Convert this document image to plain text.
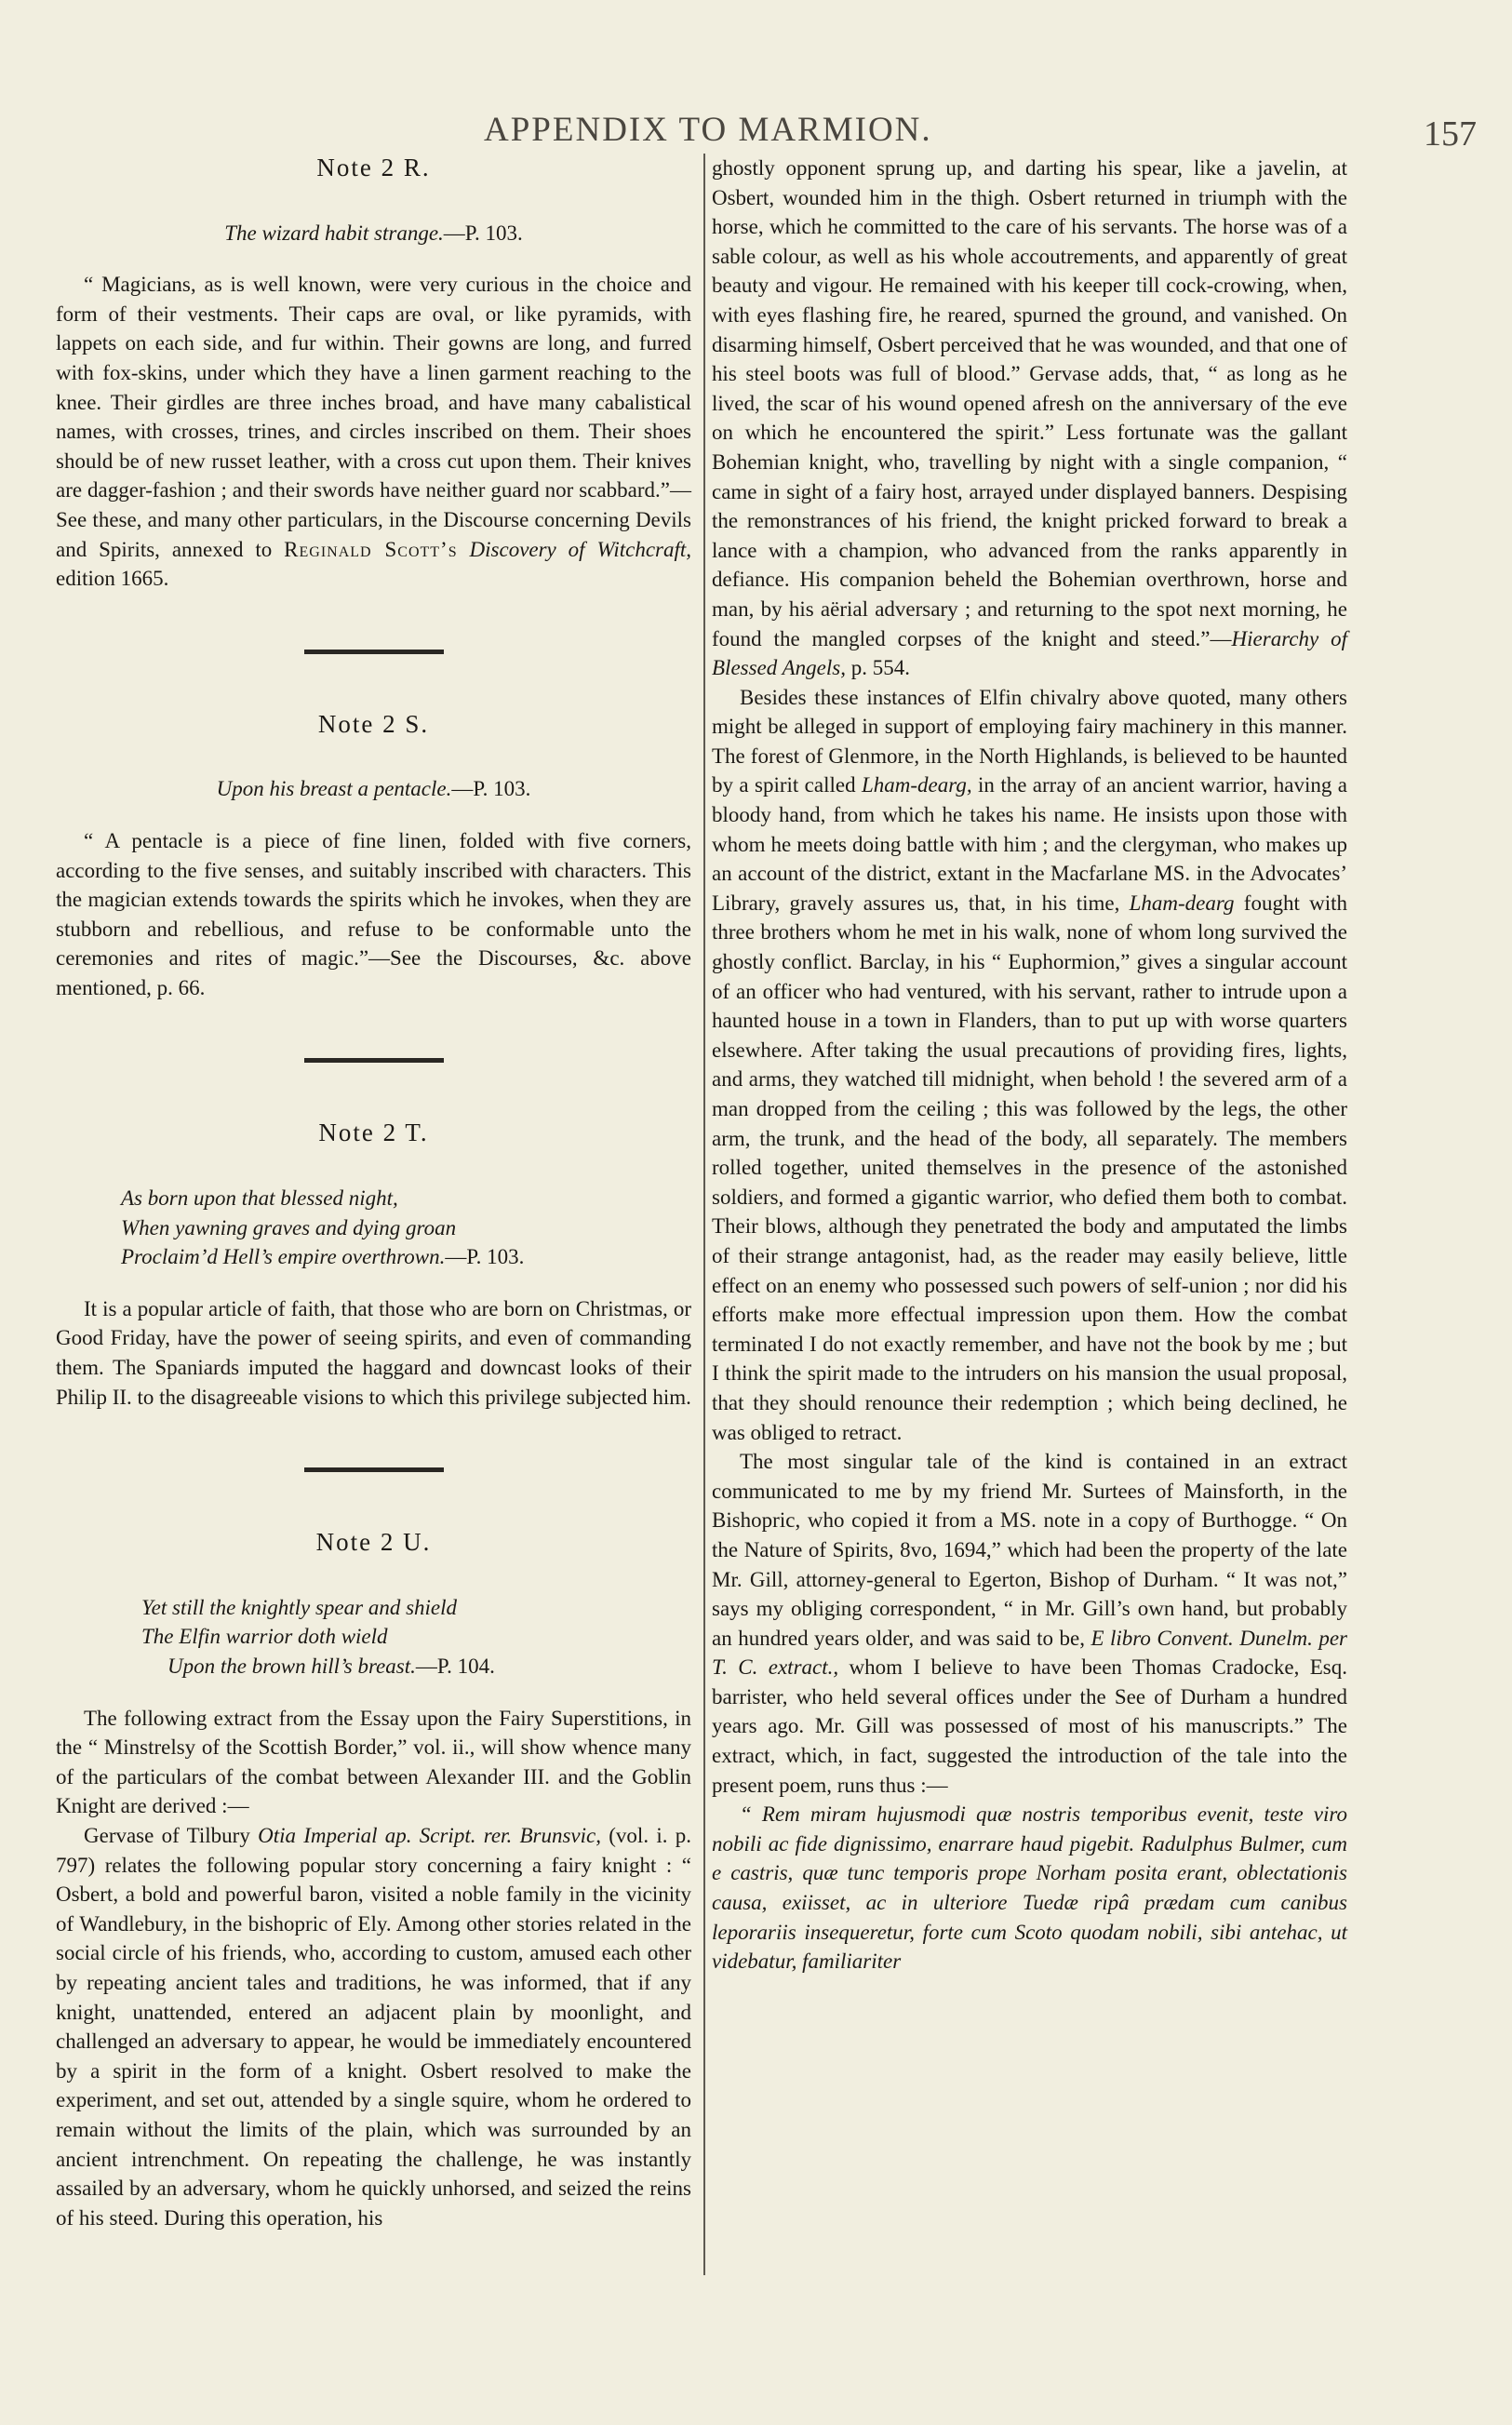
APPENDIX TO MARMION.	157
Note 2 R.
The wizard habit strange.—P. 103.

“ Magicians, as is well known, were very curious in the choice and form of their vestments. Their caps are oval, or like pyramids, with lappets on each side, and fur within. Their gowns are long, and furred with fox-skins, under which they have a linen garment reaching to the knee. Their girdles are three inches broad, and have many cabalistical names, with crosses, trines, and circles inscribed on them. Their shoes should be of new russet leather, with a cross cut upon them. Their knives are dagger-fashion ; and their swords have neither guard nor scabbard.”—See these, and many other particulars, in the Discourse concerning Devils and Spirits, annexed to Reginald Scott’s Discovery of Witchcraft, edition 1665.

Note 2 S.
Upon his breast a pentacle.—P. 103.

“ A pentacle is a piece of fine linen, folded with five corners, according to the five senses, and suitably inscribed with characters. This the magician extends towards the spirits which he invokes, when they are stubborn and rebellious, and refuse to be conformable unto the ceremonies and rites of magic.”—See the Discourses, &c. above mentioned, p. 66.

Note 2 T.
As born upon that blessed night,
When yawning graves and dying groan
Proclaim’d Hell’s empire overthrown.—P. 103.

It is a popular article of faith, that those who are born on Christmas, or Good Friday, have the power of seeing spirits, and even of commanding them. The Spaniards imputed the haggard and downcast looks of their Philip II. to the disagreeable visions to which this privilege subjected him.

Note 2 U.
Yet still the knightly spear and shield
The Elfin warrior doth wield
Upon the brown hill’s breast.—P. 104.

The following extract from the Essay upon the Fairy Superstitions, in the “ Minstrelsy of the Scottish Border,” vol. ii., will show whence many of the particulars of the combat between Alexander III. and the Goblin Knight are derived :—

Gervase of Tilbury Otia Imperial ap. Script. rer. Brunsvic, (vol. i. p. 797) relates the following popular story concerning a fairy knight : “ Osbert, a bold and powerful baron, visited a noble family in the vicinity of Wandlebury, in the bishopric of Ely. Among other stories related in the social circle of his friends, who, according to custom, amused each other by repeating ancient tales and traditions, he was informed, that if any knight, unattended, entered an adjacent plain by moonlight, and challenged an adversary to appear, he would be immediately encountered by a spirit in the form of a knight. Osbert resolved to make the experiment, and set out, attended by a single squire, whom he ordered to remain without the limits of the plain, which was surrounded by an ancient intrenchment. On repeating the challenge, he was instantly assailed by an adversary, whom he quickly unhorsed, and seized the reins of his steed. During this operation, his

ghostly opponent sprung up, and darting his spear, like a javelin, at Osbert, wounded him in the thigh. Osbert returned in triumph with the horse, which he committed to the care of his servants. The horse was of a sable colour, as well as his whole accoutrements, and apparently of great beauty and vigour. He remained with his keeper till cock-crowing, when, with eyes flashing fire, he reared, spurned the ground, and vanished. On disarming himself, Osbert perceived that he was wounded, and that one of his steel boots was full of blood.” Gervase adds, that, “ as long as he lived, the scar of his wound opened afresh on the anniversary of the eve on which he encountered the spirit.” Less fortunate was the gallant Bohemian knight, who, travelling by night with a single companion, “ came in sight of a fairy host, arrayed under displayed banners. Despising the remonstrances of his friend, the knight pricked forward to break a lance with a champion, who advanced from the ranks apparently in defiance. His companion beheld the Bohemian overthrown, horse and man, by his aërial adversary ; and returning to the spot next morning, he found the mangled corpses of the knight and steed.”—Hierarchy of Blessed Angels, p. 554.

Besides these instances of Elfin chivalry above quoted, many others might be alleged in support of employing fairy machinery in this manner. The forest of Glenmore, in the North Highlands, is believed to be haunted by a spirit called Lham-dearg, in the array of an ancient warrior, having a bloody hand, from which he takes his name. He insists upon those with whom he meets doing battle with him ; and the clergyman, who makes up an account of the district, extant in the Macfarlane MS. in the Advocates’ Library, gravely assures us, that, in his time, Lham-dearg fought with three brothers whom he met in his walk, none of whom long survived the ghostly conflict. Barclay, in his “ Euphormion,” gives a singular account of an officer who had ventured, with his servant, rather to intrude upon a haunted house in a town in Flanders, than to put up with worse quarters elsewhere. After taking the usual precautions of providing fires, lights, and arms, they watched till midnight, when behold ! the severed arm of a man dropped from the ceiling ; this was followed by the legs, the other arm, the trunk, and the head of the body, all separately. The members rolled together, united themselves in the presence of the astonished soldiers, and formed a gigantic warrior, who defied them both to combat. Their blows, although they penetrated the body and amputated the limbs of their strange antagonist, had, as the reader may easily believe, little effect on an enemy who possessed such powers of self-union ; nor did his efforts make more effectual impression upon them. How the combat terminated I do not exactly remember, and have not the book by me ; but I think the spirit made to the intruders on his mansion the usual proposal, that they should renounce their redemption ; which being declined, he was obliged to retract.

The most singular tale of the kind is contained in an extract communicated to me by my friend Mr. Surtees of Mainsforth, in the Bishopric, who copied it from a MS. note in a copy of Burthogge. “ On the Nature of Spirits, 8vo, 1694,” which had been the property of the late Mr. Gill, attorney-general to Egerton, Bishop of Durham. “ It was not,” says my obliging correspondent, “ in Mr. Gill’s own hand, but probably an hundred years older, and was said to be, E libro Convent. Dunelm. per T. C. extract., whom I believe to have been Thomas Cradocke, Esq. barrister, who held several offices under the See of Durham a hundred years ago. Mr. Gill was possessed of most of his manuscripts.” The extract, which, in fact, suggested the introduction of the tale into the present poem, runs thus :—

“ Rem miram hujusmodi quæ nostris temporibus evenit, teste viro nobili ac fide dignissimo, enarrare haud pigebit. Radulphus Bulmer, cum e castris, quæ tunc temporis prope Norham posita erant, oblectationis causa, exiisset, ac in ulteriore Tuedæ ripâ prædam cum canibus leporariis insequeretur, forte cum Scoto quodam nobili, sibi antehac, ut videbatur, familiariter
